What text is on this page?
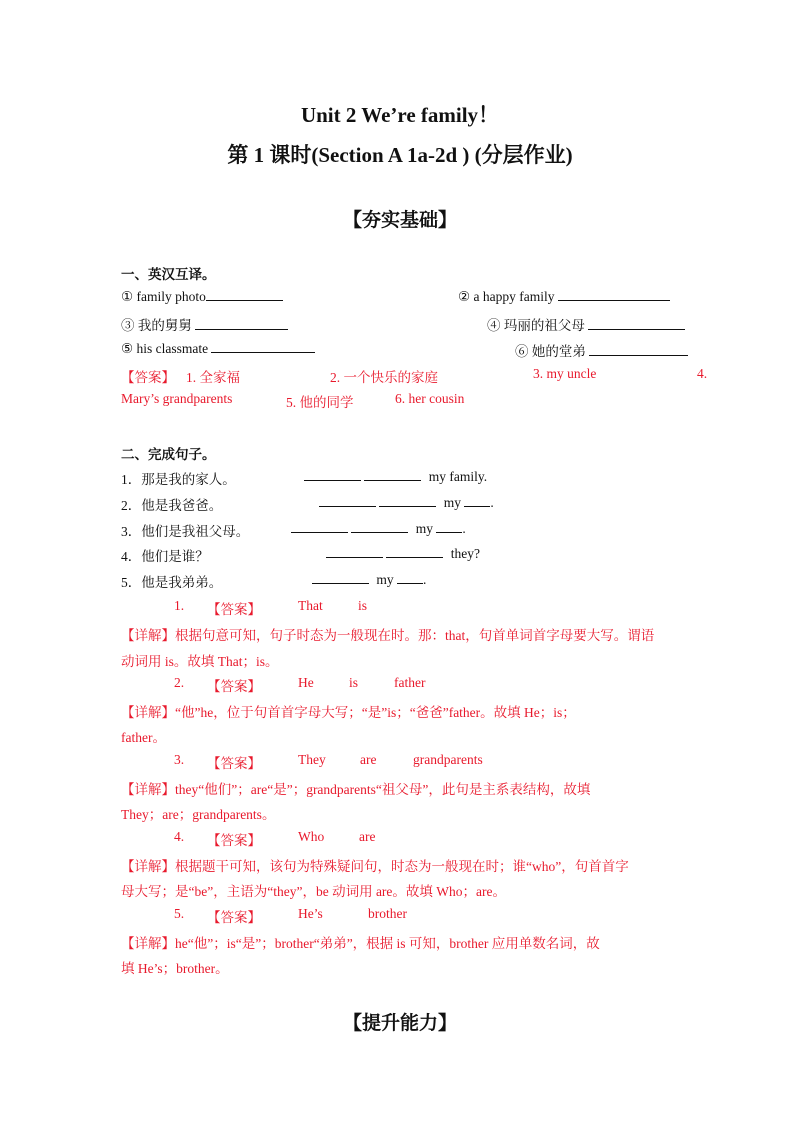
Unit 2 We’re family！
第 1 课时(Section A 1a-2d ) (分层作业)
【夯实基础】
一、英汉互译。
① family photo	② a happy family
③ 我的舅舅	④ 玛丽的祖父母
⑤ his classmate	⑥ 她的堂弟
【答案】 1. 全家福	2. 一个快乐的家庭	3. my uncle	4.
Mary’s grandparents	5. 他的同学	6. her cousin
二、完成句子。
1．那是我的家人。	my family.
2．他是我爸爸。	my .
3．他们是我祖父母。	my .
4．他们是谁？	they?
5．他是我弟弟。	my .
1. 【答案】	That	is
【详解】根据句意可知，句子时态为一般现在时。那：that，句首单词首字母要大写。谓语
动词用 is。故填 That；is。
2. 【答案】	He	is	father
【详解】“他”he，位于句首首字母大写；“是”is；“爸爸”father。故填 He；is；
father。
3. 【答案】	They	are	grandparents
【详解】they“他们”；are“是”；grandparents“祖父母”，此句是主系表结构，故填
They；are；grandparents。
4. 【答案】	Who	are
【详解】根据题干可知，该句为特殊疑问句，时态为一般现在时；谁“who”，句首首字
母大写；是“be”，主语为“they”，be 动词用 are。故填 Who；are。
5. 【答案】	He’s	brother
【详解】he“他”；is“是”；brother“弟弟”，根据 is 可知，brother 应用单数名词，故
填 He’s；brother。
【提升能力】
